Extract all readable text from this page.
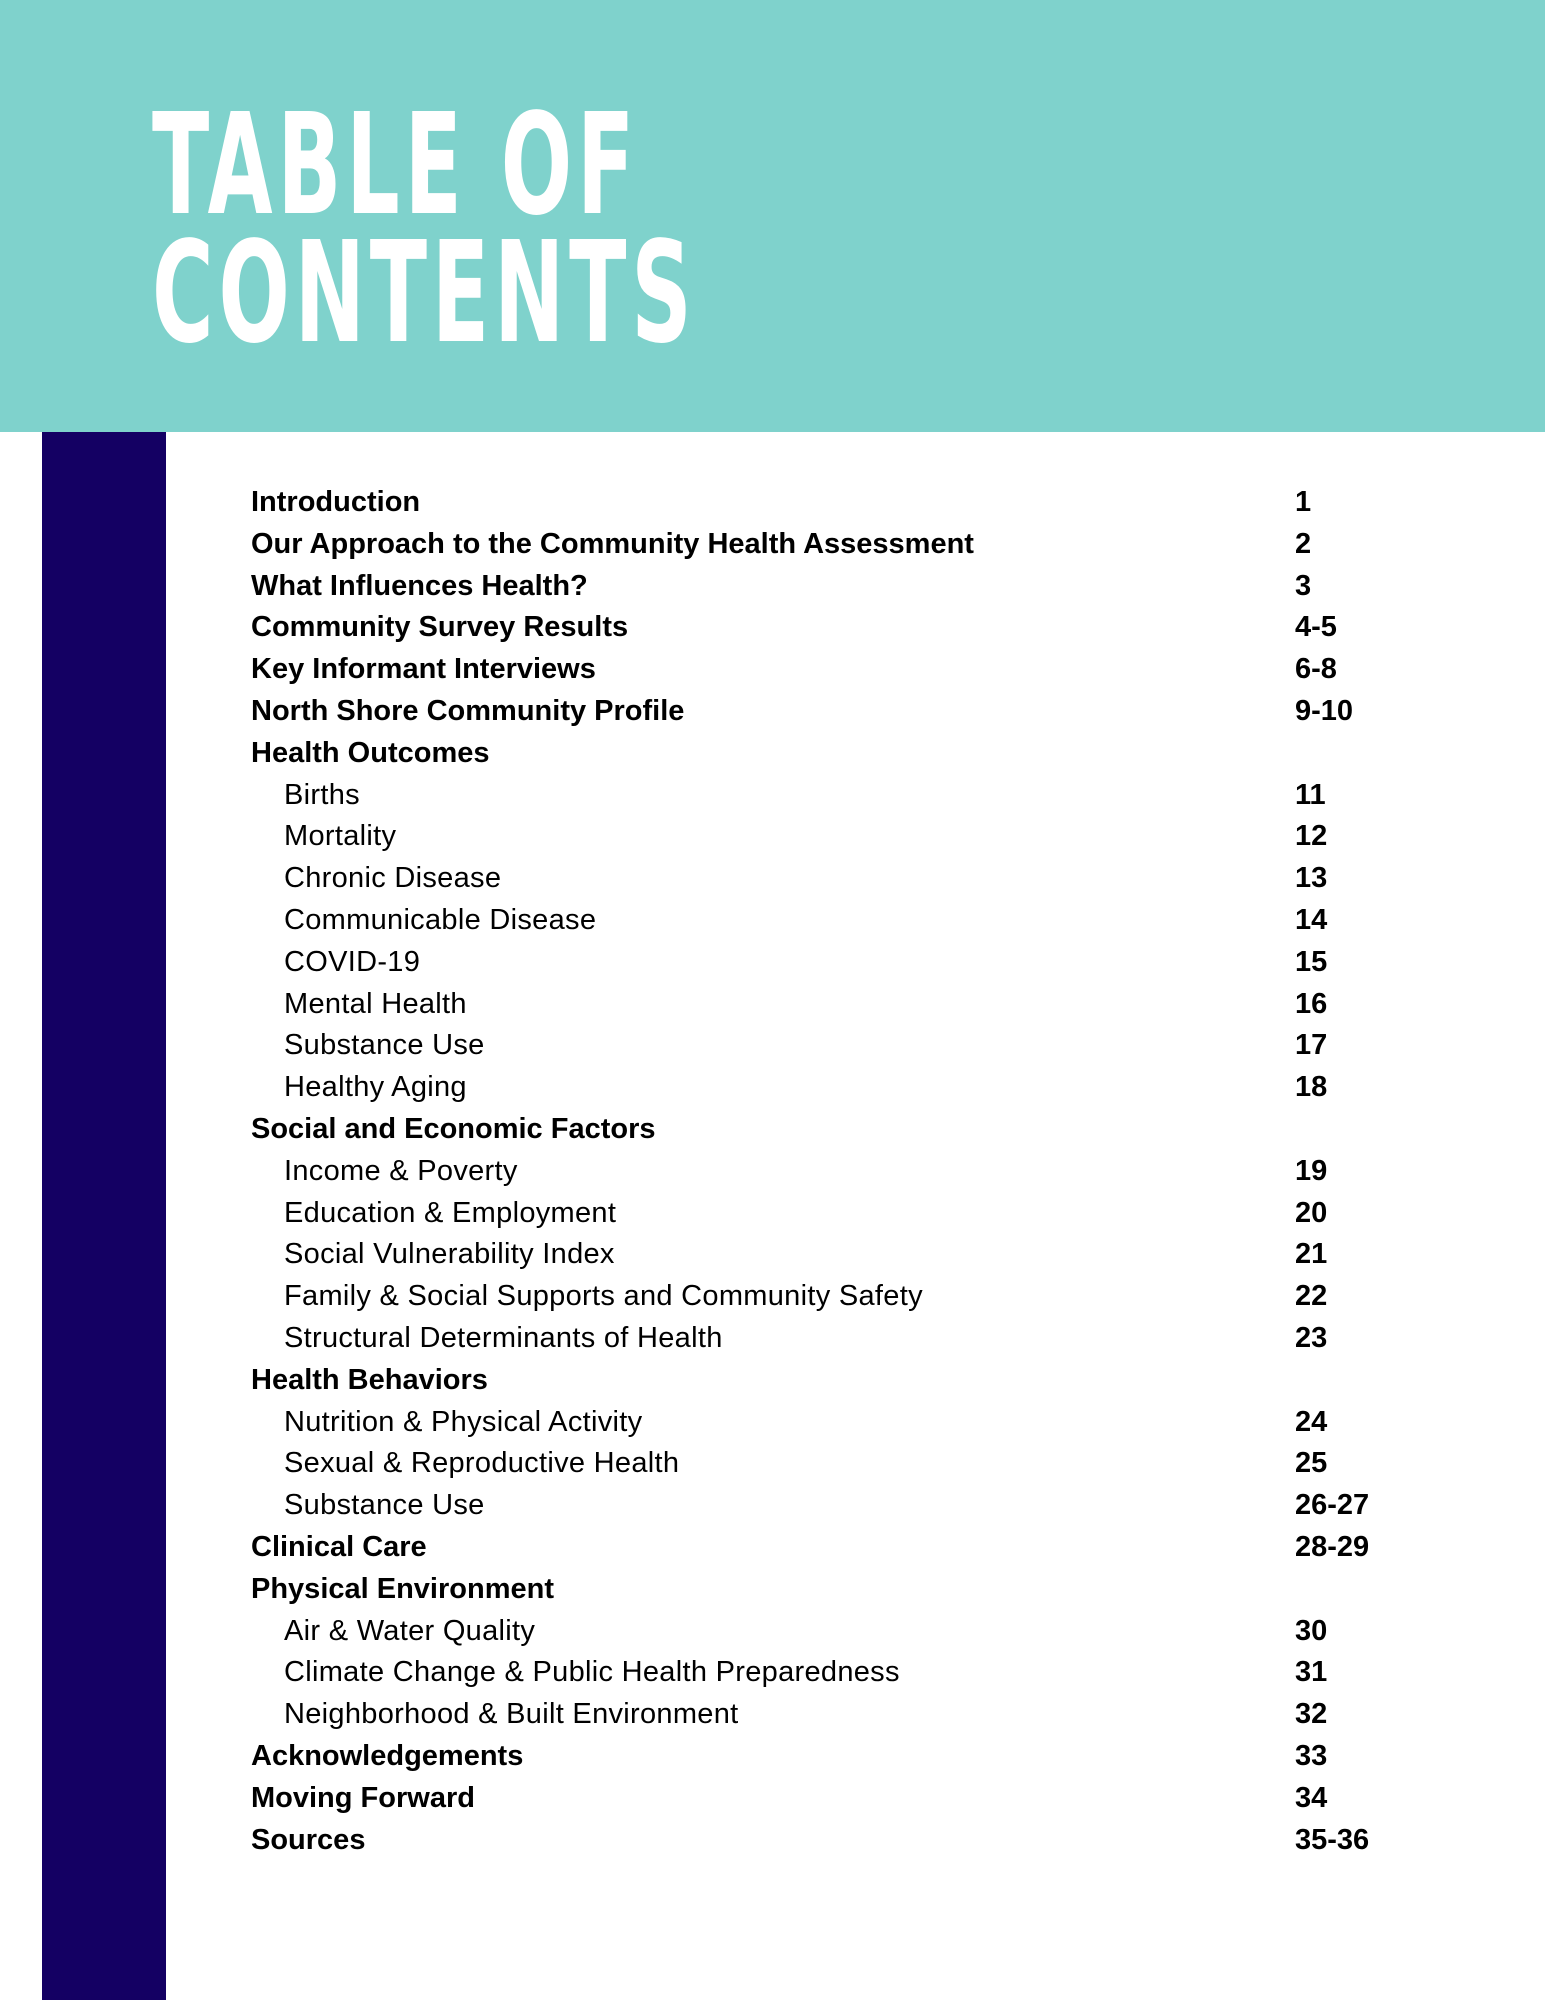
TABLE OF
CONTENTS
Introduction	1
Our Approach to the Community Health Assessment	2
What Influences Health?	3
Community Survey Results	4-5
Key Informant Interviews	6-8
North Shore Community Profile	9-10
Health Outcomes
Births	11
Mortality	12
Chronic Disease	13
Communicable Disease	14
COVID-19	15
Mental Health	16
Substance Use	17
Healthy Aging	18
Social and Economic Factors
Income & Poverty	19
Education & Employment	20
Social Vulnerability Index	21
Family & Social Supports and Community Safety	22
Structural Determinants of Health	23
Health Behaviors
Nutrition & Physical Activity	24
Sexual & Reproductive Health	25
Substance Use	26-27
Clinical Care	28-29
Physical Environment
Air & Water Quality	30
Climate Change & Public Health Preparedness	31
Neighborhood & Built Environment	32
Acknowledgements	33
Moving Forward	34
Sources	35-36
